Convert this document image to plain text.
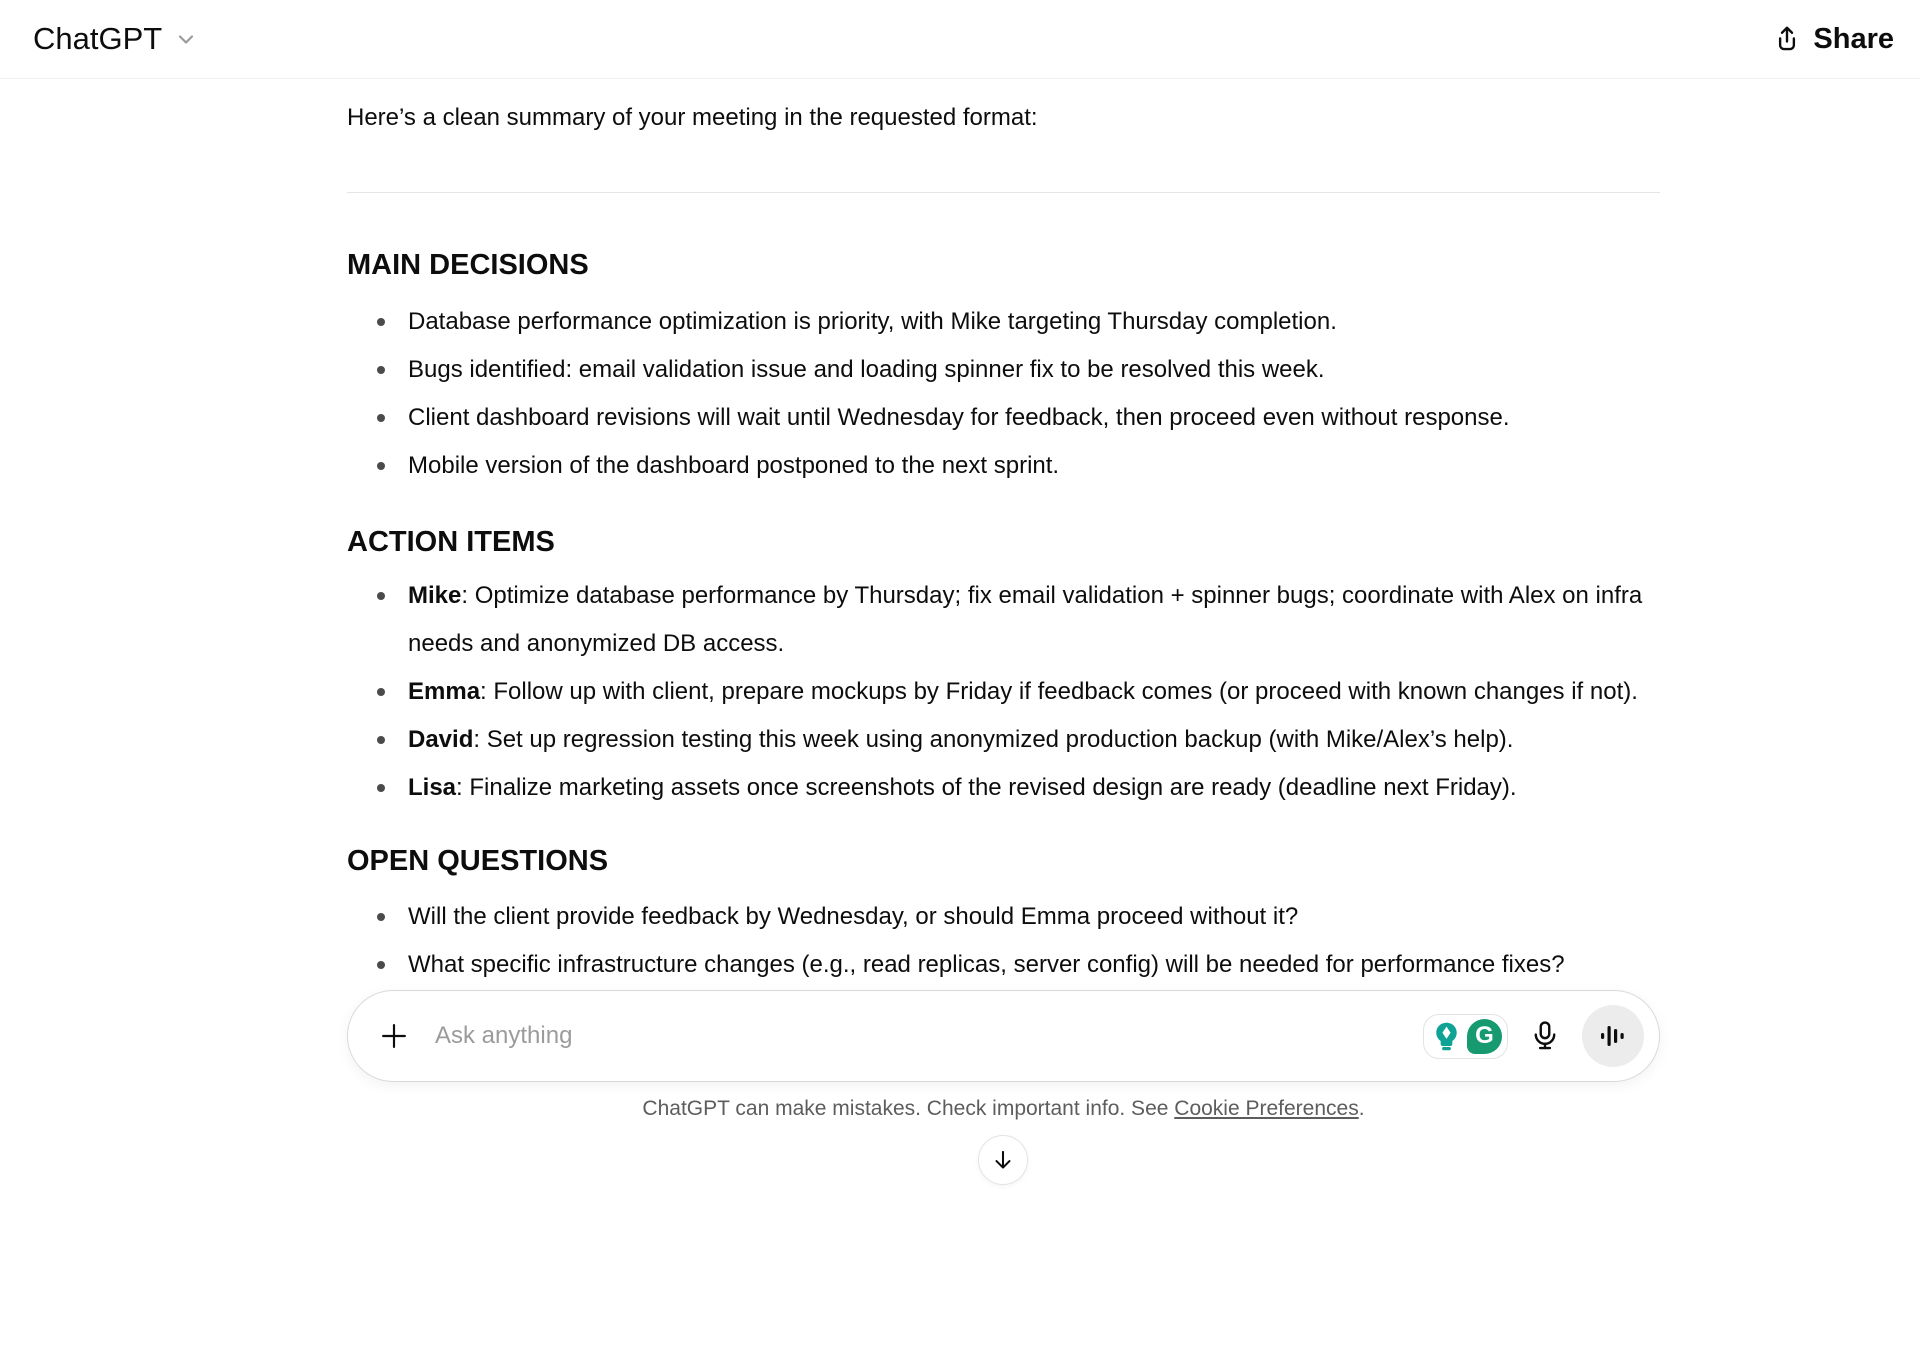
ChatGPT	Share

Here’s a clean summary of your meeting in the requested format:

MAIN DECISIONS
Database performance optimization is priority, with Mike targeting Thursday completion.
Bugs identified: email validation issue and loading spinner fix to be resolved this week.
Client dashboard revisions will wait until Wednesday for feedback, then proceed even without response.
Mobile version of the dashboard postponed to the next sprint.
ACTION ITEMS
Mike: Optimize database performance by Thursday; fix email validation + spinner bugs; coordinate with Alex on infra needs and anonymized DB access.
Emma: Follow up with client, prepare mockups by Friday if feedback comes (or proceed with known changes if not).
David: Set up regression testing this week using anonymized production backup (with Mike/Alex’s help).
Lisa: Finalize marketing assets once screenshots of the revised design are ready (deadline next Friday).
OPEN QUESTIONS
Will the client provide feedback by Wednesday, or should Emma proceed without it?
What specific infrastructure changes (e.g., read replicas, server config) will be needed for performance fixes?
Ask anything
G

ChatGPT can make mistakes. Check important info. See Cookie Preferences.
